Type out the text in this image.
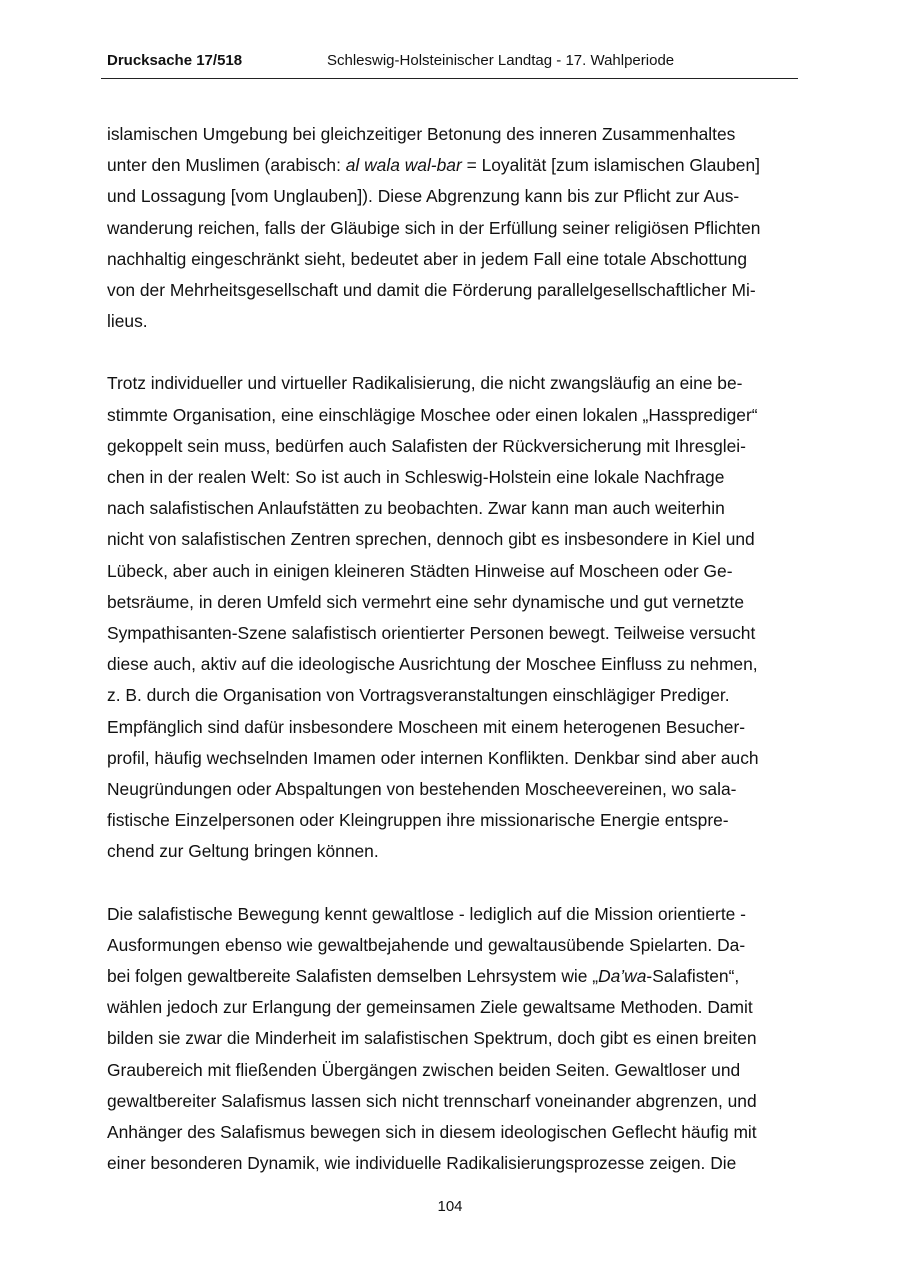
Drucksache 17/518	Schleswig-Holsteinischer Landtag - 17. Wahlperiode

islamischen Umgebung bei gleichzeitiger Betonung des inneren Zusammenhaltes
unter den Muslimen (arabisch: al wala wal-bar = Loyalität [zum islamischen Glauben]
und Lossagung [vom Unglauben]). Diese Abgrenzung kann bis zur Pflicht zur Aus-
wanderung reichen, falls der Gläubige sich in der Erfüllung seiner religiösen Pflichten
nachhaltig eingeschränkt sieht, bedeutet aber in jedem Fall eine totale Abschottung
von der Mehrheitsgesellschaft und damit die Förderung parallelgesellschaftlicher Mi-
lieus.

Trotz individueller und virtueller Radikalisierung, die nicht zwangsläufig an eine be-
stimmte Organisation, eine einschlägige Moschee oder einen lokalen „Hassprediger“
gekoppelt sein muss, bedürfen auch Salafisten der Rückversicherung mit Ihresglei-
chen in der realen Welt: So ist auch in Schleswig-Holstein eine lokale Nachfrage
nach salafistischen Anlaufstätten zu beobachten. Zwar kann man auch weiterhin
nicht von salafistischen Zentren sprechen, dennoch gibt es insbesondere in Kiel und
Lübeck, aber auch in einigen kleineren Städten Hinweise auf Moscheen oder Ge-
betsräume, in deren Umfeld sich vermehrt eine sehr dynamische und gut vernetzte
Sympathisanten-Szene salafistisch orientierter Personen bewegt. Teilweise versucht
diese auch, aktiv auf die ideologische Ausrichtung der Moschee Einfluss zu nehmen,
z. B. durch die Organisation von Vortragsveranstaltungen einschlägiger Prediger.
Empfänglich sind dafür insbesondere Moscheen mit einem heterogenen Besucher-
profil, häufig wechselnden Imamen oder internen Konflikten. Denkbar sind aber auch
Neugründungen oder Abspaltungen von bestehenden Moscheevereinen, wo sala-
fistische Einzelpersonen oder Kleingruppen ihre missionarische Energie entspre-
chend zur Geltung bringen können.

Die salafistische Bewegung kennt gewaltlose - lediglich auf die Mission orientierte -
Ausformungen ebenso wie gewaltbejahende und gewaltausübende Spielarten. Da-
bei folgen gewaltbereite Salafisten demselben Lehrsystem wie „Da’wa-Salafisten“,
wählen jedoch zur Erlangung der gemeinsamen Ziele gewaltsame Methoden. Damit
bilden sie zwar die Minderheit im salafistischen Spektrum, doch gibt es einen breiten
Graubereich mit fließenden Übergängen zwischen beiden Seiten. Gewaltloser und
gewaltbereiter Salafismus lassen sich nicht trennscharf voneinander abgrenzen, und
Anhänger des Salafismus bewegen sich in diesem ideologischen Geflecht häufig mit
einer besonderen Dynamik, wie individuelle Radikalisierungsprozesse zeigen. Die

104
